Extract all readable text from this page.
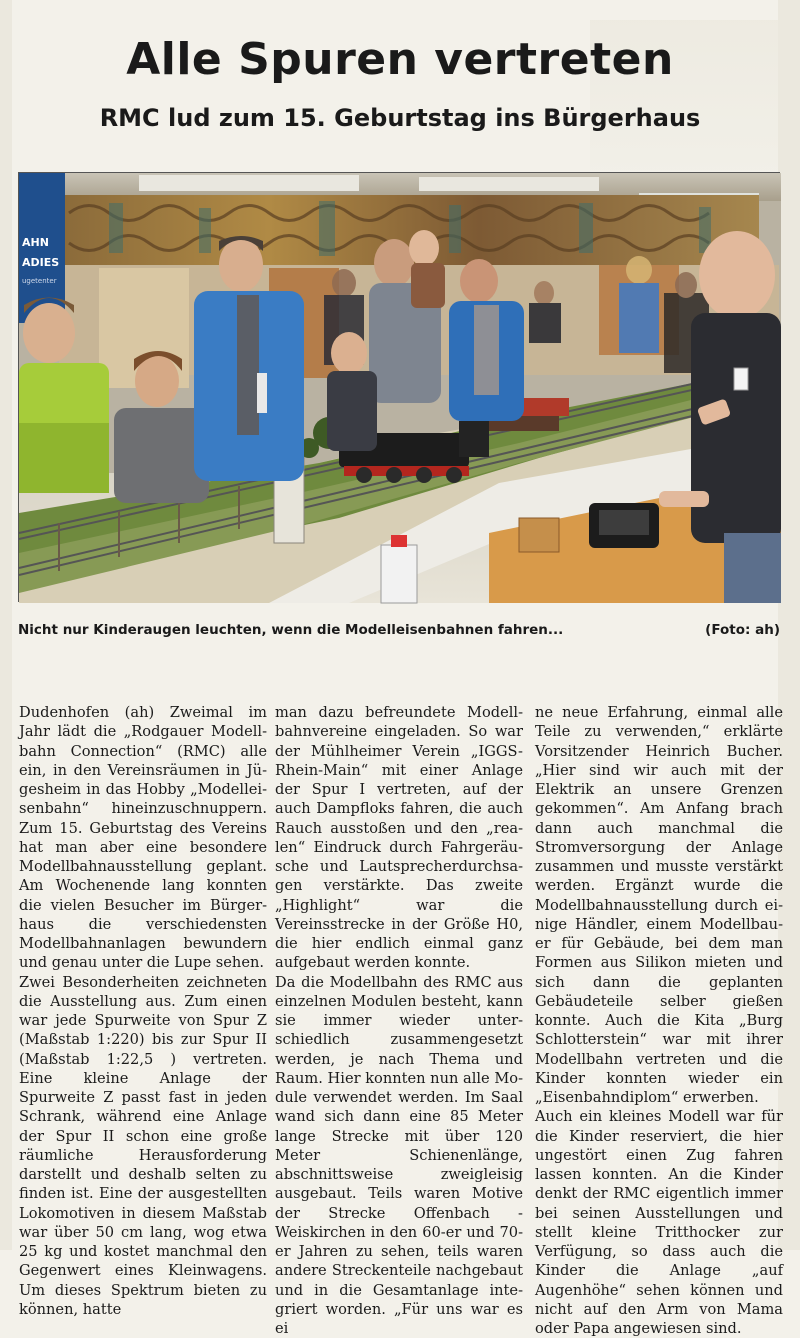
Alle Spuren vertreten
RMC lud zum 15. Geburtstag ins Bürgerhaus
AHN
ADIES
ugetenter
Nicht nur Kinderaugen leuchten, wenn die Modelleisenbahnen fahren...	(Foto: ah)

Dudenhofen (ah) Zweimal im Jahr lädt die „Rodgauer Modellbahn Connection“ (RMC) alle ein, in den Vereinsräumen in Jügesheim in das Hobby „Modelleisenbahn“ hineinzuschnuppern. Zum 15. Geburtstag des Vereins hat man aber eine besondere Modellbahnausstellung geplant. Am Wochenende lang konnten die vielen Besucher im Bürgerhaus die verschiedensten Modellbahnanlagen bewundern und genau unter die Lupe sehen.

Zwei Besonderheiten zeichneten die Ausstellung aus. Zum einen war jede Spurweite von Spur Z (Maßstab 1:220) bis zur Spur II (Maßstab 1:22,5 ) vertreten. Eine kleine Anlage der Spurweite Z passt fast in jeden Schrank, während eine Anlage der Spur II schon eine große räumliche Herausforderung darstellt und deshalb selten zu finden ist. Eine der ausgestellten Lokomotiven in diesem Maßstab war über 50 cm lang, wog etwa 25 kg und kostet manchmal den Gegenwert eines Kleinwagens. Um dieses Spektrum bieten zu können, hatte

man dazu befreundete Modellbahnvereine eingeladen. So war der Mühlheimer Verein „IGGS-Rhein-Main“ mit einer Anlage der Spur I vertreten, auf der auch Dampfloks fahren, die auch Rauch ausstoßen und den „realen“ Eindruck durch Fahrgeräusche und Lautsprecherdurchsagen verstärkte. Das zweite „Highlight“ war die Vereinsstrecke in der Größe H0, die hier endlich einmal ganz aufgebaut werden konnte.

Da die Modellbahn des RMC aus einzelnen Modulen besteht, kann sie immer wieder unterschiedlich zusammengesetzt werden, je nach Thema und Raum. Hier konnten nun alle Module verwendet werden. Im Saal wand sich dann eine 85 Meter lange Strecke mit über 120 Meter Schienenlänge, abschnittsweise zweigleisig ausgebaut. Teils waren Motive der Strecke Offenbach - Weiskirchen in den 60-er und 70-er Jahren zu sehen, teils waren andere Streckenteile nachgebaut und in die Gesamtanlage integriert worden. „Für uns war es ei

ne neue Erfahrung, einmal alle Teile zu verwenden,“ erklärte Vorsitzender Heinrich Bucher. „Hier sind wir auch mit der Elektrik an unsere Grenzen gekommen“. Am Anfang brach dann auch manchmal die Stromversorgung der Anlage zusammen und musste verstärkt werden. Ergänzt wurde die Modellbahnausstellung durch einige Händler, einem Modellbauer für Gebäude, bei dem man Formen aus Silikon mieten und sich dann die geplanten Gebäudeteile selber gießen konnte. Auch die Kita „Burg Schlotterstein“ war mit ihrer Modellbahn vertreten und die Kinder konnten wieder ein „Eisenbahndiplom“ erwerben.

Auch ein kleines Modell war für die Kinder reserviert, die hier ungestört einen Zug fahren lassen konnten. An die Kinder denkt der RMC eigentlich immer bei seinen Ausstellungen und stellt kleine Tritthocker zur Verfügung, so dass auch die Kinder die Anlage „auf Augenhöhe“ sehen können und nicht auf den Arm von Mama oder Papa angewiesen sind.
